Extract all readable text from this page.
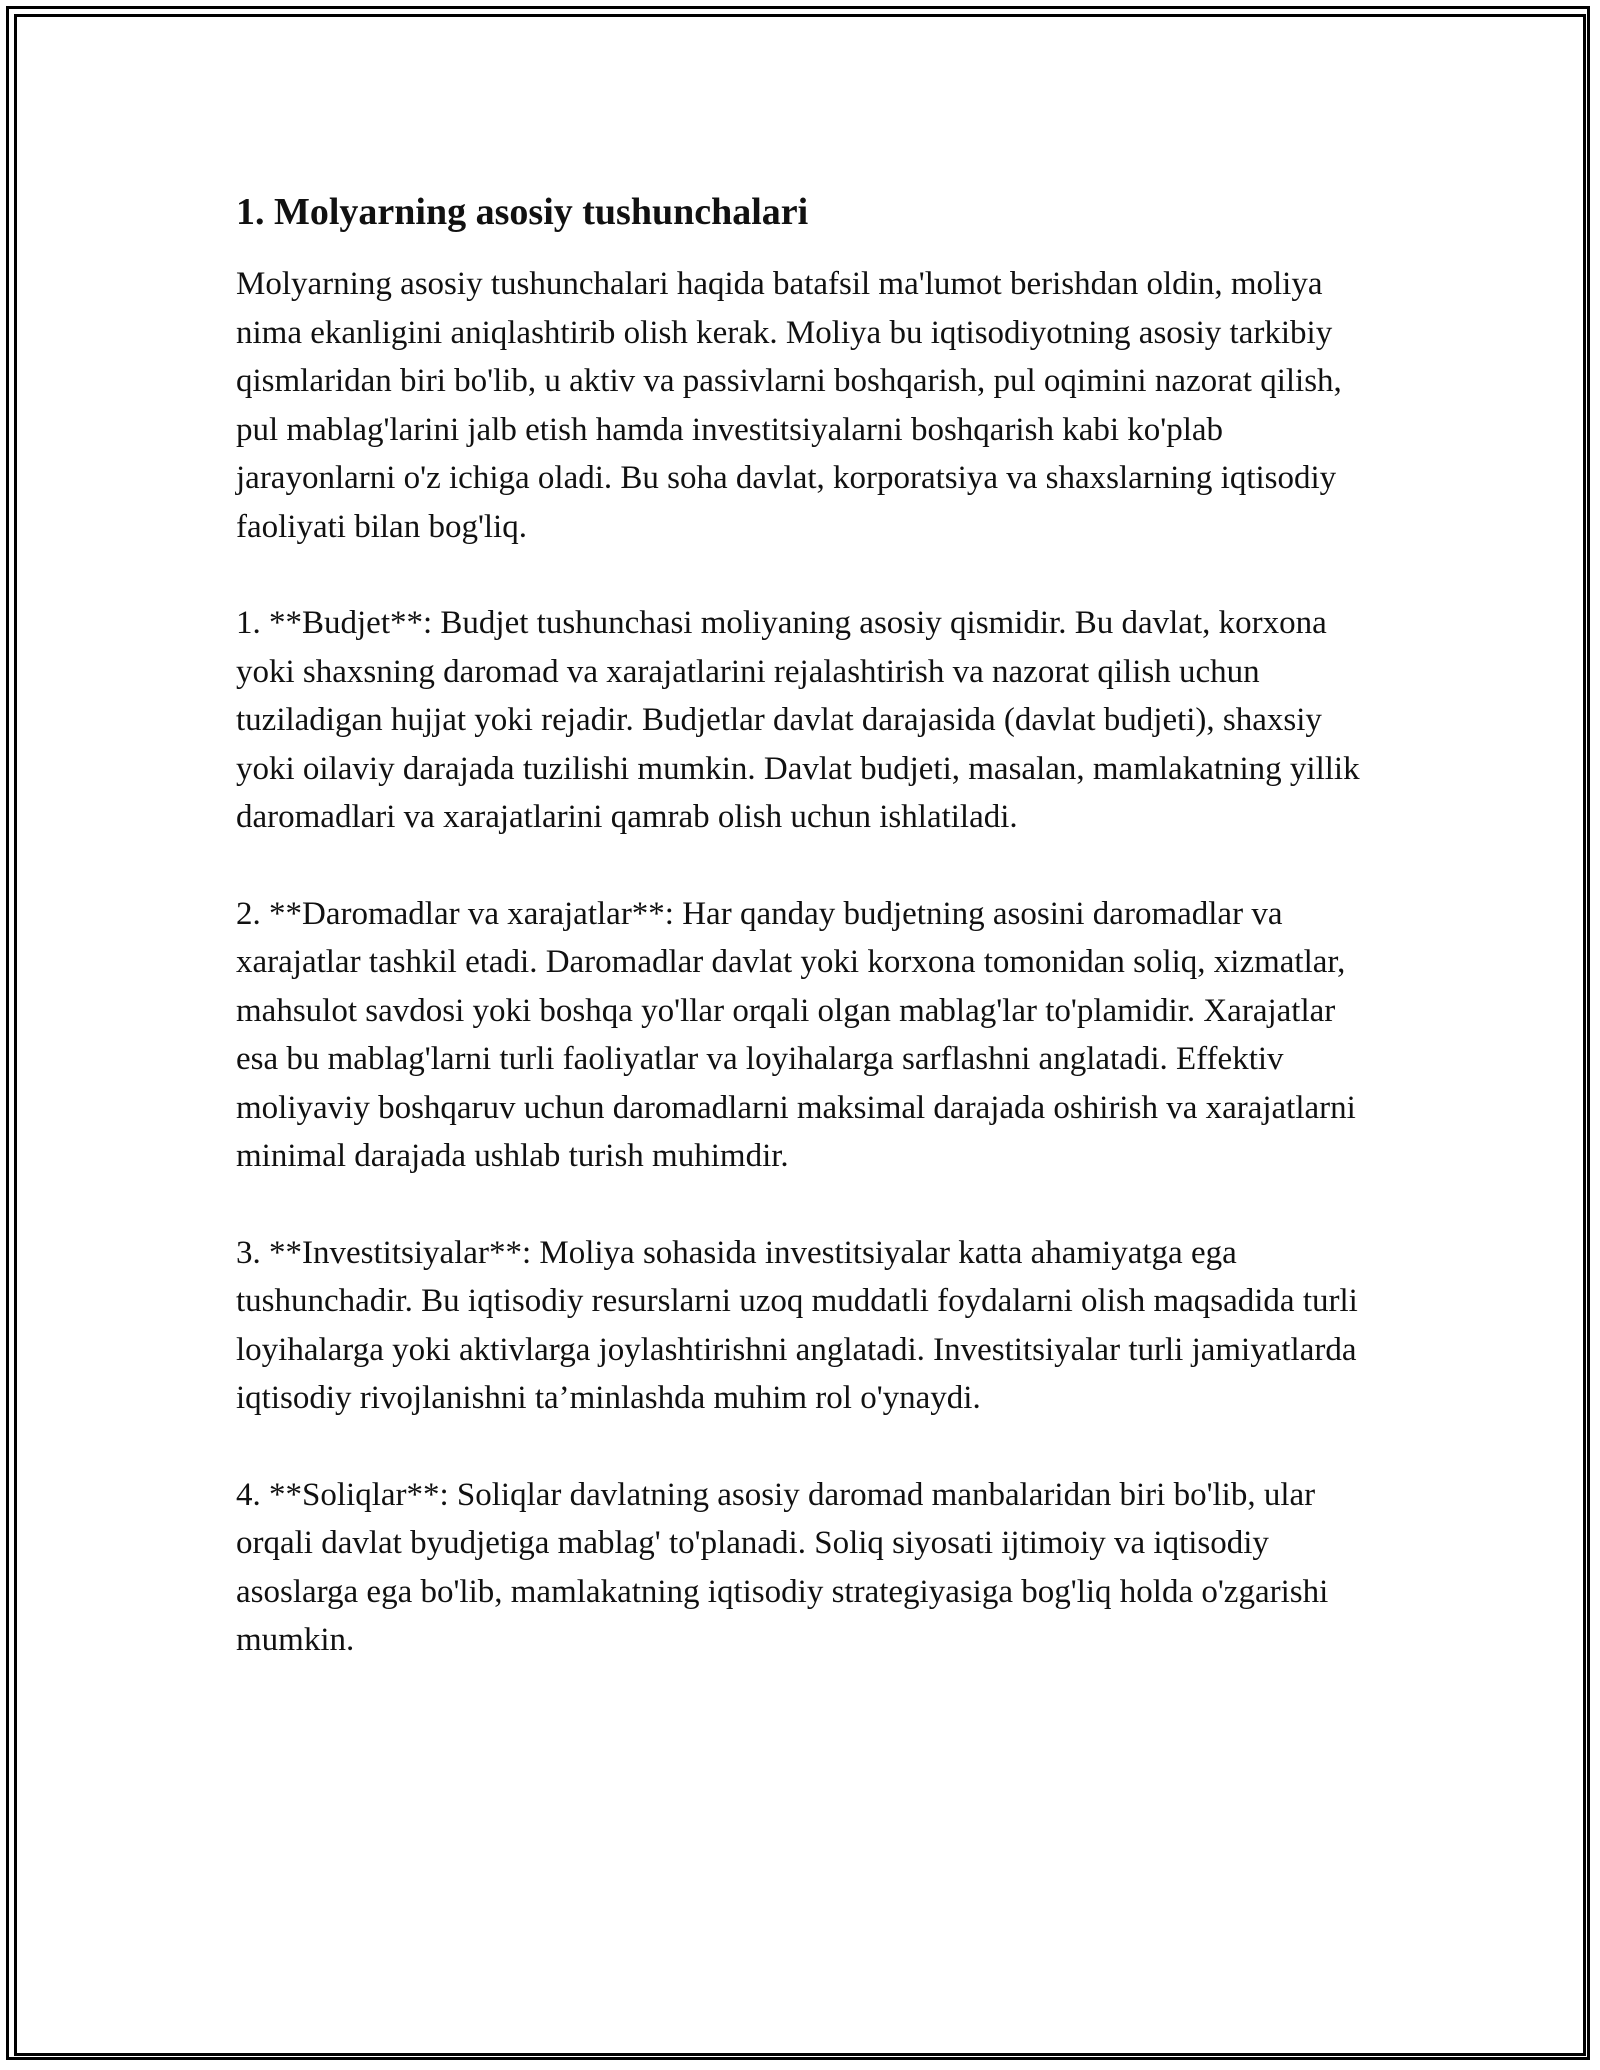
1. Molyarning asosiy tushunchalari

Molyarning asosiy tushunchalari haqida batafsil ma'lumot berishdan oldin, moliya nima ekanligini aniqlashtirib olish kerak. Moliya bu iqtisodiyotning asosiy tarkibiy qismlaridan biri bo'lib, u aktiv va passivlarni boshqarish, pul oqimini nazorat qilish, pul mablag'larini jalb etish hamda investitsiyalarni boshqarish kabi ko'plab jarayonlarni o'z ichiga oladi. Bu soha davlat, korporatsiya va shaxslarning iqtisodiy faoliyati bilan bog'liq.

1. **Budjet**: Budjet tushunchasi moliyaning asosiy qismidir. Bu davlat, korxona yoki shaxsning daromad va xarajatlarini rejalashtirish va nazorat qilish uchun tuziladigan hujjat yoki rejadir. Budjetlar davlat darajasida (davlat budjeti), shaxsiy yoki oilaviy darajada tuzilishi mumkin. Davlat budjeti, masalan, mamlakatning yillik daromadlari va xarajatlarini qamrab olish uchun ishlatiladi.

2. **Daromadlar va xarajatlar**: Har qanday budjetning asosini daromadlar va xarajatlar tashkil etadi. Daromadlar davlat yoki korxona tomonidan soliq, xizmatlar, mahsulot savdosi yoki boshqa yo'llar orqali olgan mablag'lar to'plamidir. Xarajatlar esa bu mablag'larni turli faoliyatlar va loyihalarga sarflashni anglatadi. Effektiv moliyaviy boshqaruv uchun daromadlarni maksimal darajada oshirish va xarajatlarni minimal darajada ushlab turish muhimdir.

3. **Investitsiyalar**: Moliya sohasida investitsiyalar katta ahamiyatga ega tushunchadir. Bu iqtisodiy resurslarni uzoq muddatli foydalarni olish maqsadida turli loyihalarga yoki aktivlarga joylashtirishni anglatadi. Investitsiyalar turli jamiyatlarda iqtisodiy rivojlanishni ta’minlashda muhim rol o'ynaydi.

4. **Soliqlar**: Soliqlar davlatning asosiy daromad manbalaridan biri bo'lib, ular orqali davlat byudjetiga mablag' to'planadi. Soliq siyosati ijtimoiy va iqtisodiy asoslarga ega bo'lib, mamlakatning iqtisodiy strategiyasiga bog'liq holda o'zgarishi mumkin.
